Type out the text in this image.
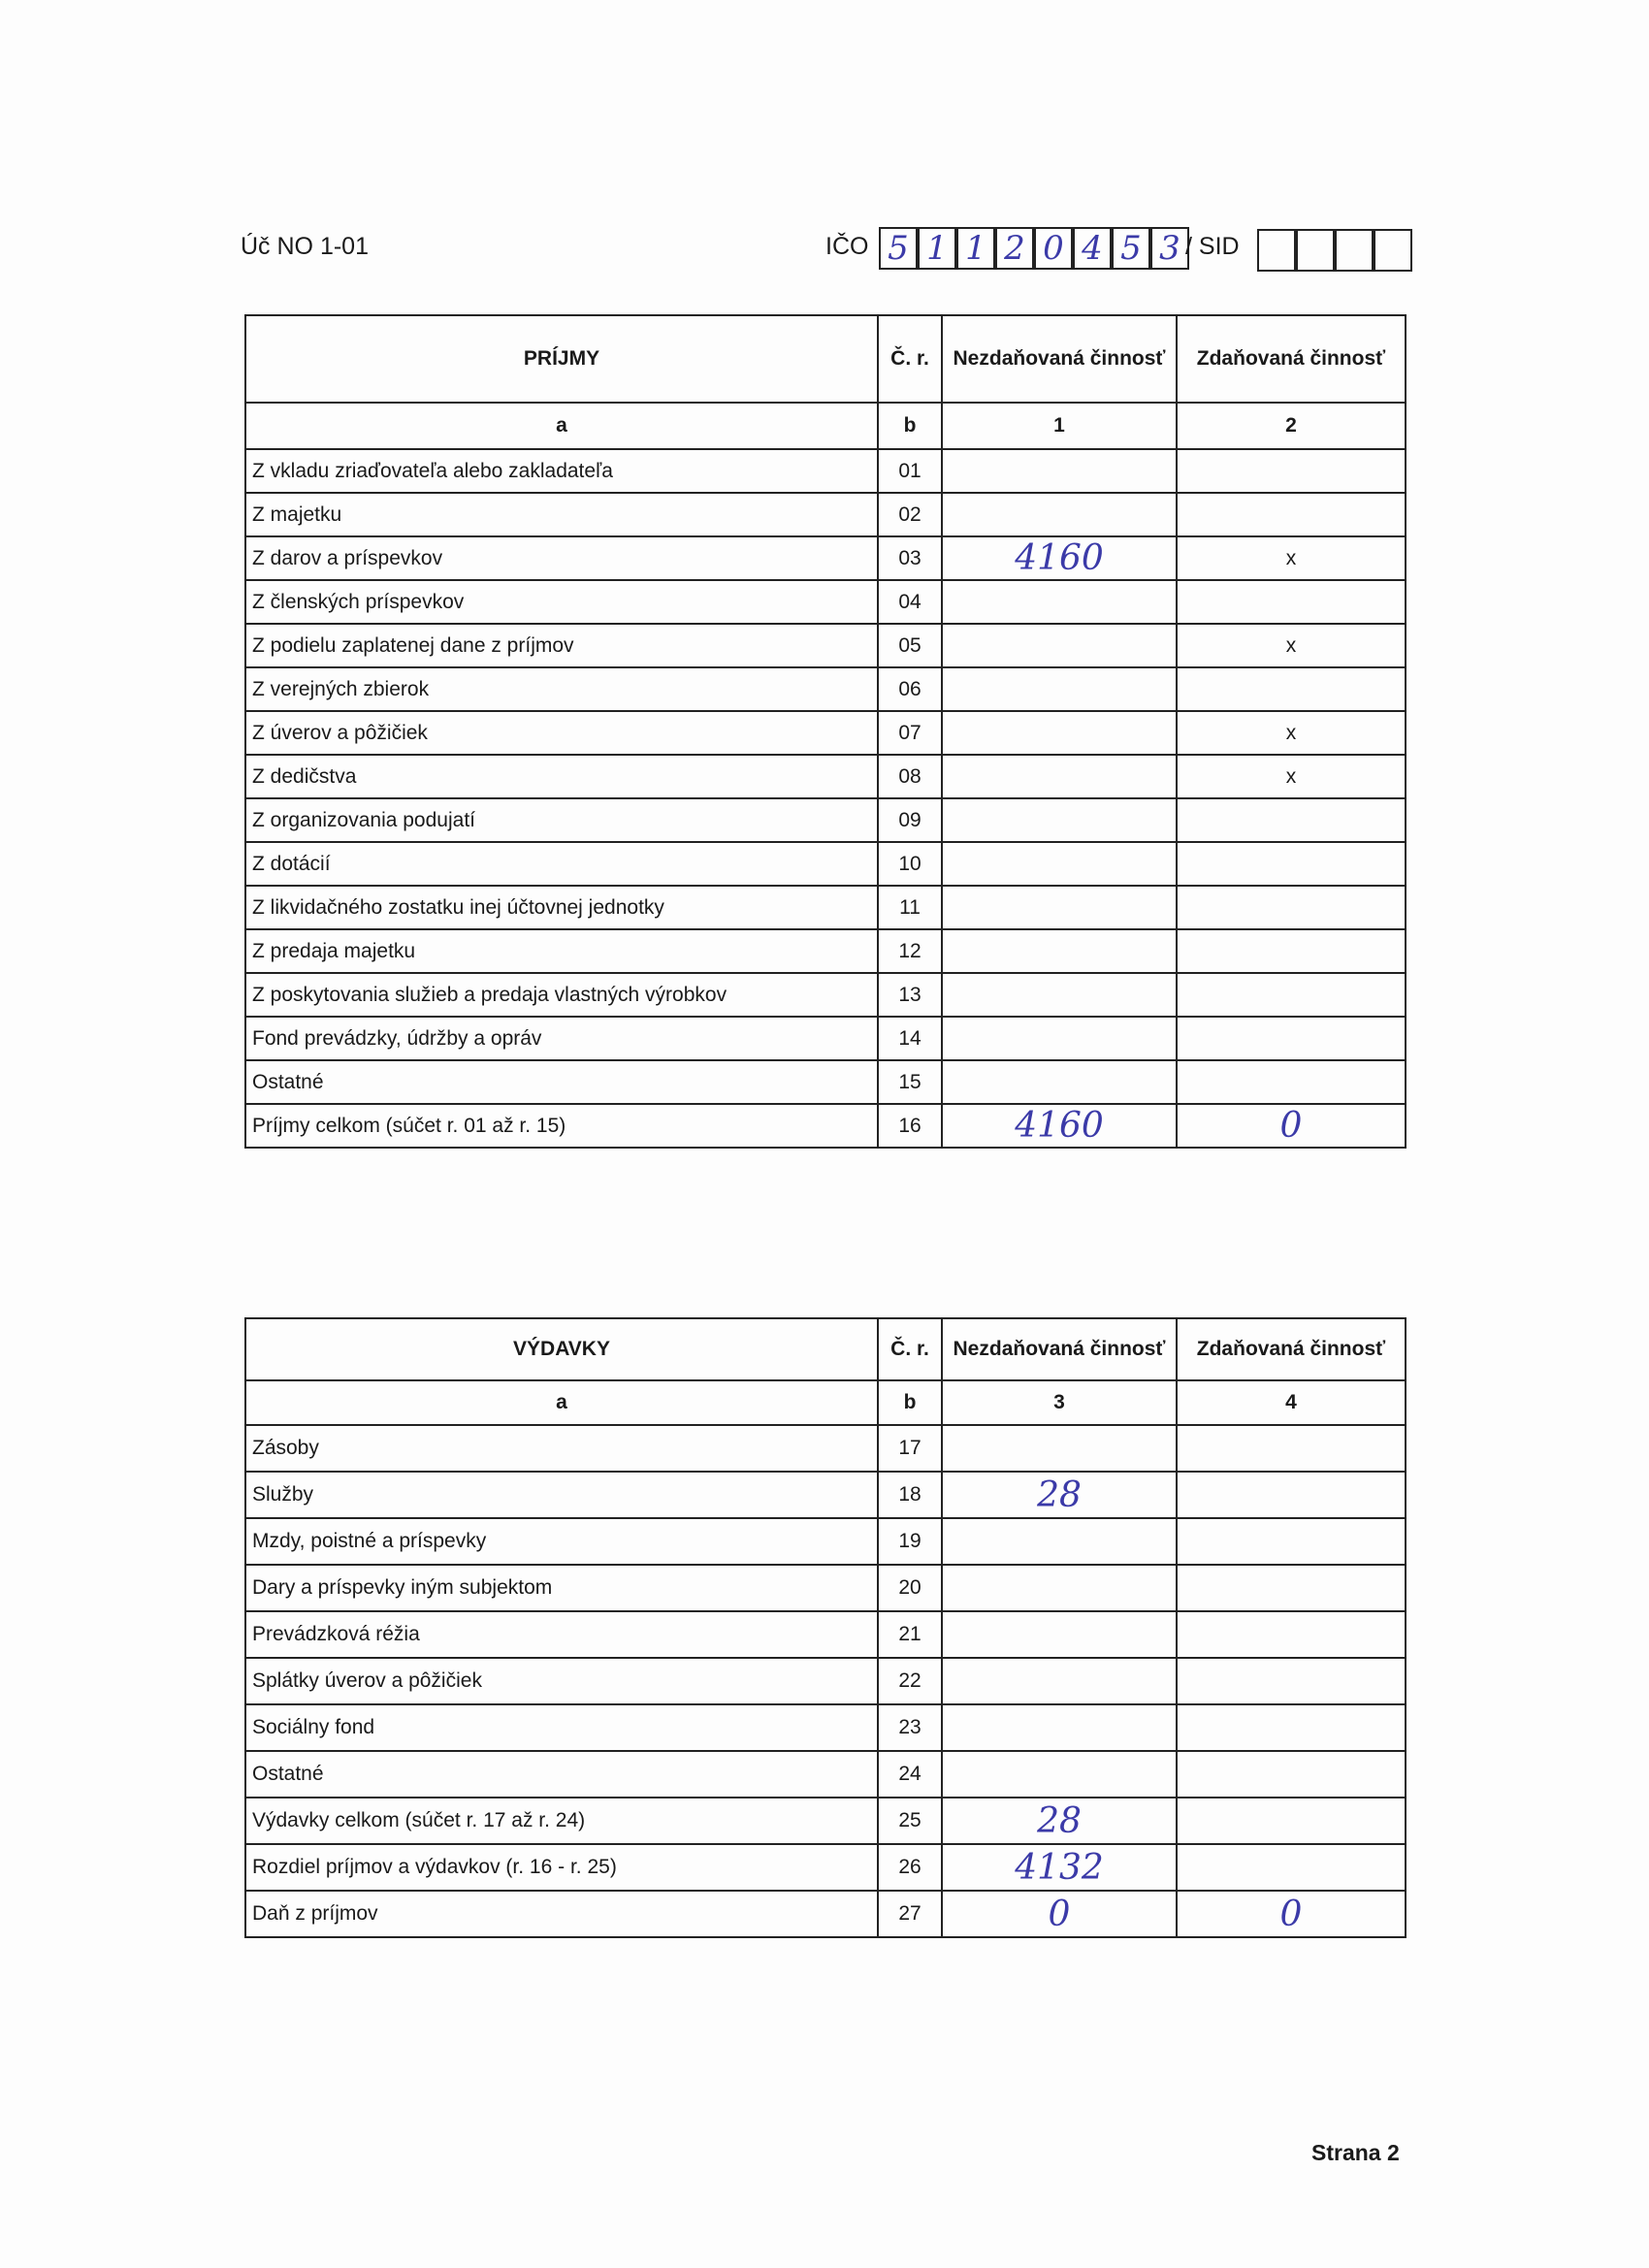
Úč NO 1-01	IČO 5 1 1 2 0 4 5 3 / SID
PRÍJMY	Č. r.	Nezdaňovaná činnosť	Zdaňovaná činnosť
a	b	1	2
Z vkladu zriaďovateľa alebo zakladateľa	01		
Z majetku	02		
Z darov a príspevkov	03	4160	x
Z členských príspevkov	04		
Z podielu zaplatenej dane z príjmov	05		x
Z verejných zbierok	06		
Z úverov a pôžičiek	07		x
Z dedičstva	08		x
Z organizovania podujatí	09		
Z dotácií	10		
Z likvidačného zostatku inej účtovnej jednotky	11		
Z predaja majetku	12		
Z poskytovania služieb a predaja vlastných výrobkov	13		
Fond prevádzky, údržby a opráv	14		
Ostatné	15		
Príjmy celkom (súčet r. 01 až r. 15)	16	4160	0
VÝDAVKY	Č. r.	Nezdaňovaná činnosť	Zdaňovaná činnosť
a	b	3	4
Zásoby	17		
Služby	18	28	
Mzdy, poistné a príspevky	19		
Dary a príspevky iným subjektom	20		
Prevádzková réžia	21		
Splátky úverov a pôžičiek	22		
Sociálny fond	23		
Ostatné	24		
Výdavky celkom (súčet r. 17 až r. 24)	25	28	
Rozdiel príjmov a výdavkov (r. 16 - r. 25)	26	4132	
Daň z príjmov	27	0	0
Strana 2
